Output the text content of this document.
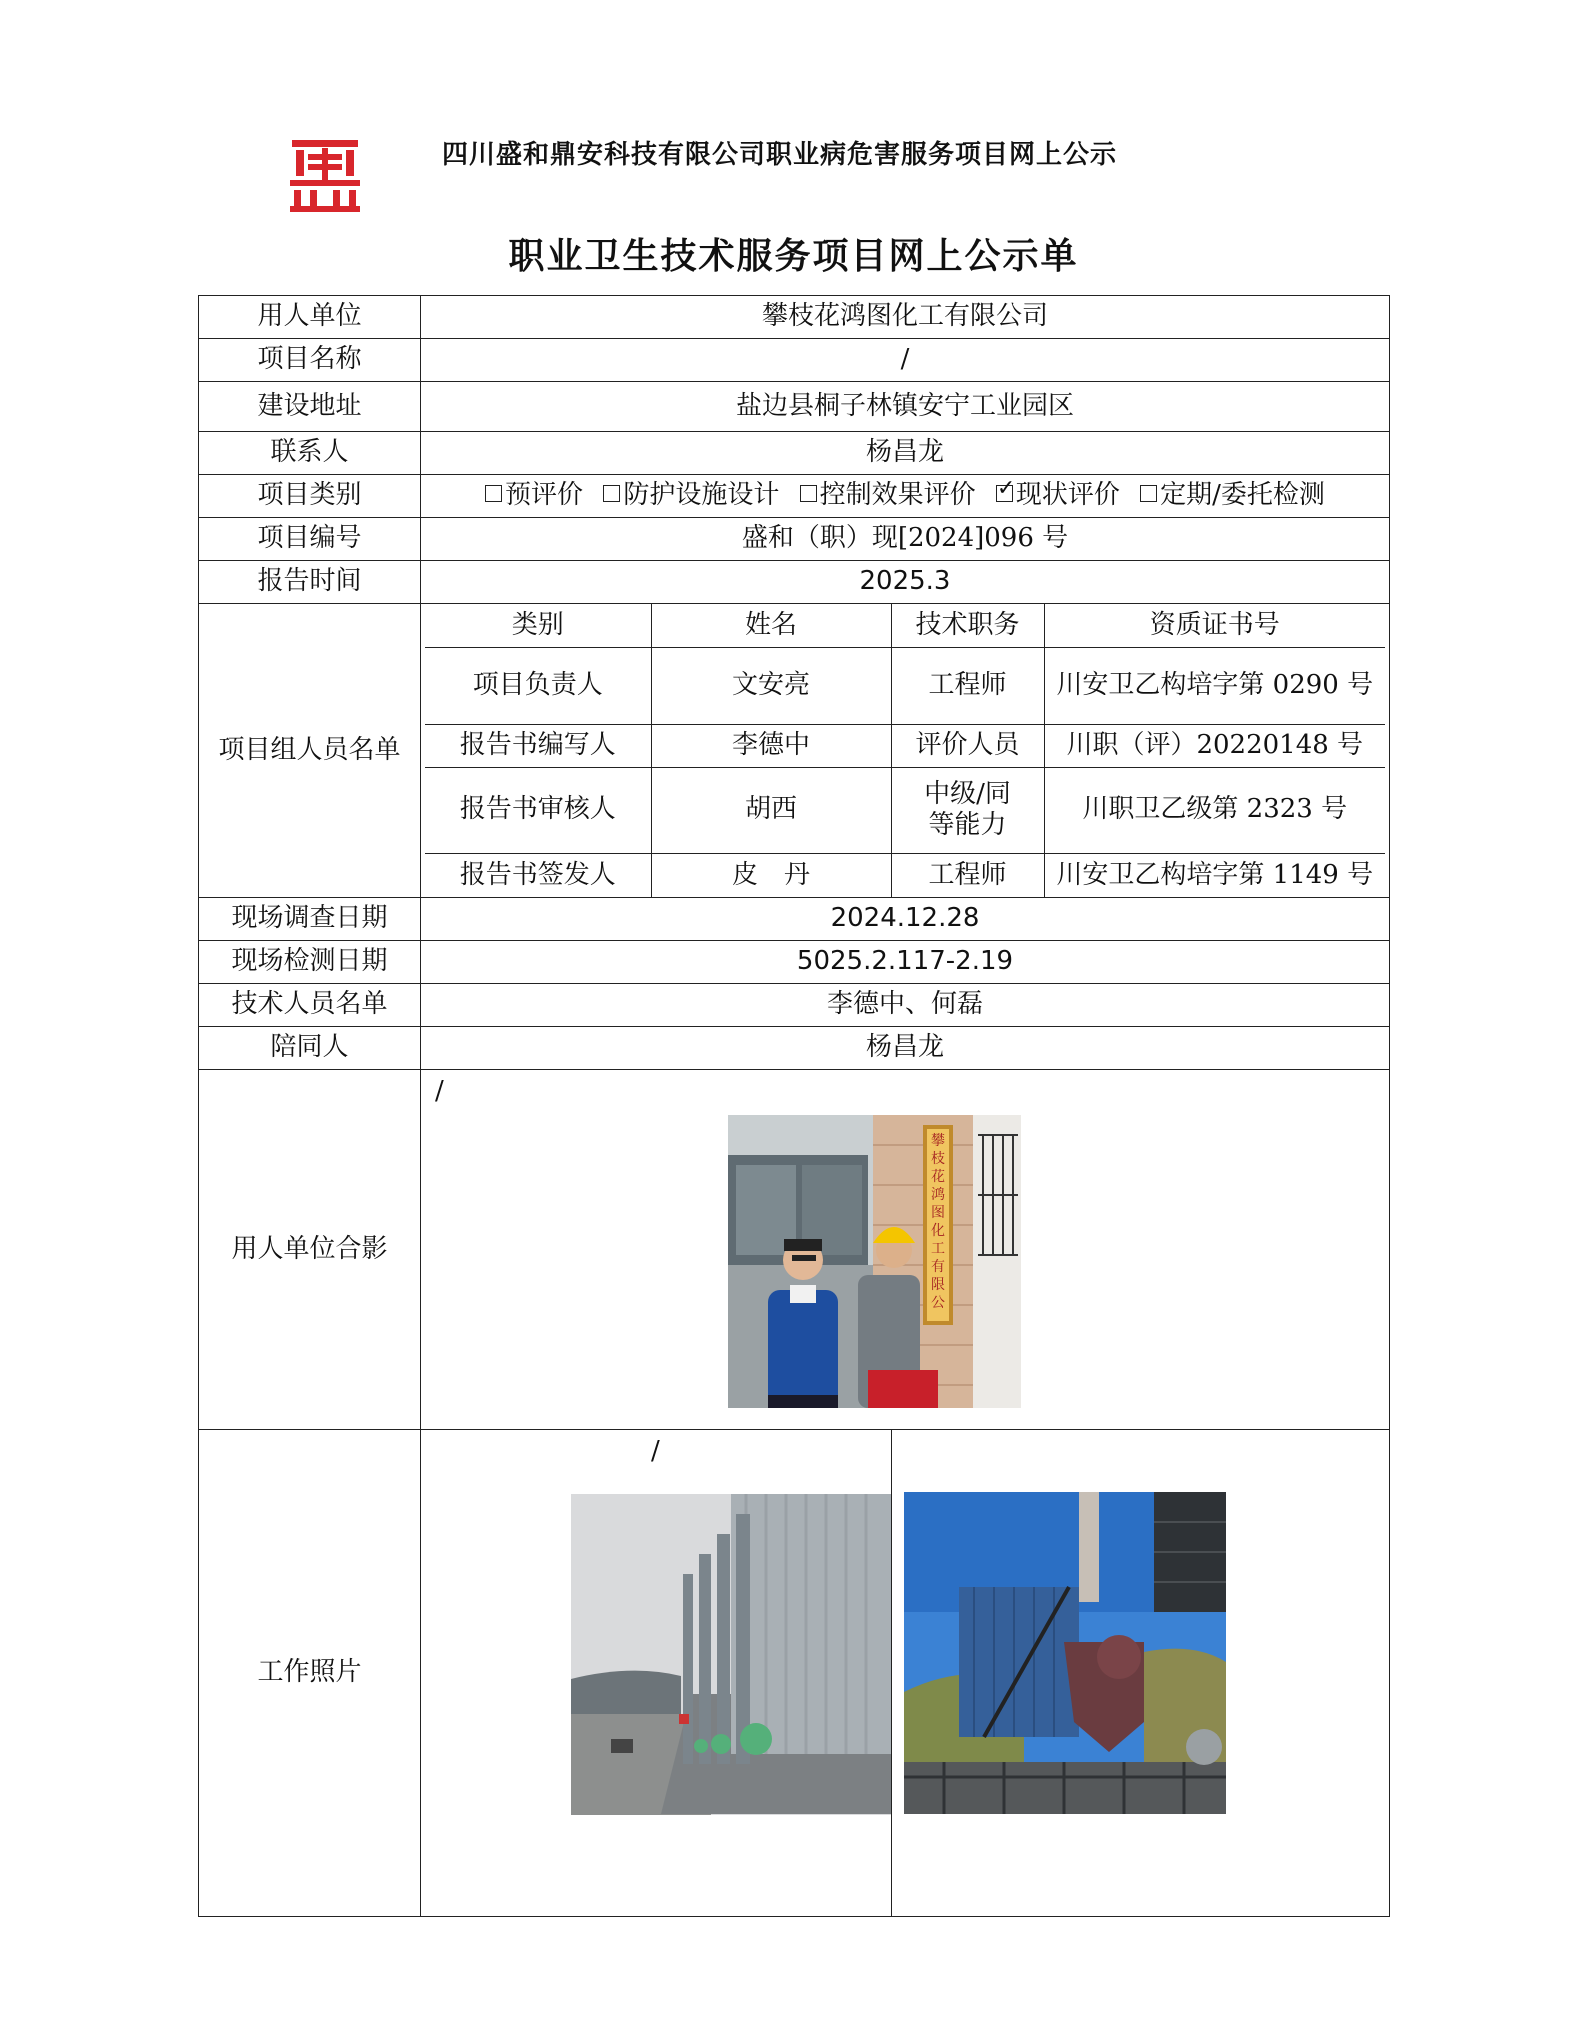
四川盛和鼎安科技有限公司职业病危害服务项目网上公示
职业卫生技术服务项目网上公示单
用人单位	攀枝花鸿图化工有限公司
项目名称	/
建设地址	盐边县桐子林镇安宁工业园区
联系人	杨昌龙
项目类别	预评价 防护设施设计 控制效果评价 ✓ 现状评价 定期/委托检测
项目编号	盛和（职）现[2024]096 号
报告时间	2025.3
项目组人员名单	
类别	姓名	技术职务	资质证书号
项目负责人	文安亮	工程师	川安卫乙构培字第 0290 号
报告书编写人	李德中	评价人员	川职（评）20220148 号
报告书审核人	胡西	中级/同等能力	川职卫乙级第 2323 号
报告书签发人	皮　丹	工程师	川安卫乙构培字第 1149 号

现场调查日期	2024.12.28
现场检测日期	5025.2.117-2.19
技术人员名单	李德中、何磊
陪同人	杨昌龙
用人单位合影	
/
攀枝花鸿图化工有限公

工作照片	
/
